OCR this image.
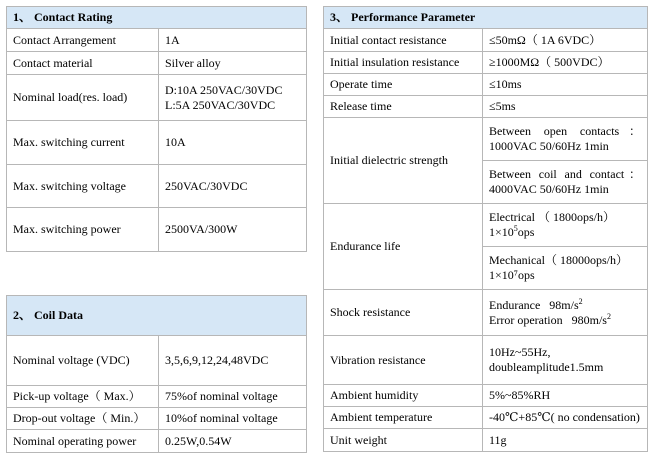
1、 Contact Rating	
Contact Arrangement	1A
Contact material	Silver alloy
Nominal load(res. load)	D:10A 250VAC/30VDC
L:5A 250VAC/30VDC

Max. switching current	10A
Max. switching voltage	250VAC/30VDC
Max. switching power	2500VA/300W
2、 Coil Data	
Nominal voltage (VDC)	3,5,6,9,12,24,48VDC
Pick-up voltage（ Max.）	75%of nominal voltage
Drop-out voltage（ Min.）	10%of nominal voltage
Nominal operating power	0.25W,0.54W
3、 Performance Parameter	
Initial contact resistance	≤50mΩ（ 1A 6VDC）
Initial insulation resistance	≥1000MΩ（ 500VDC）
Operate time	≤10ms
Release time	≤5ms
Initial dielectric strength	Between open contacts：
1000VAC 50/60Hz 1min

	Between coil and contact：
4000VAC 50/60Hz 1min

Endurance life	Electrical （ 1800ops/h）
$1\times 10^5ops$

	Mechanical（ 18000ops/h）
1×10⁷ops

Shock resistance	Endurance   $98m/s^2$
Error operation   $980m/s^2$

Vibration resistance	10Hz~55Hz,
doubleamplitude1.5mm

Ambient humidity	5%~85%RH
Ambient temperature	-40℃+85℃( no condensation)
Unit weight	11g
